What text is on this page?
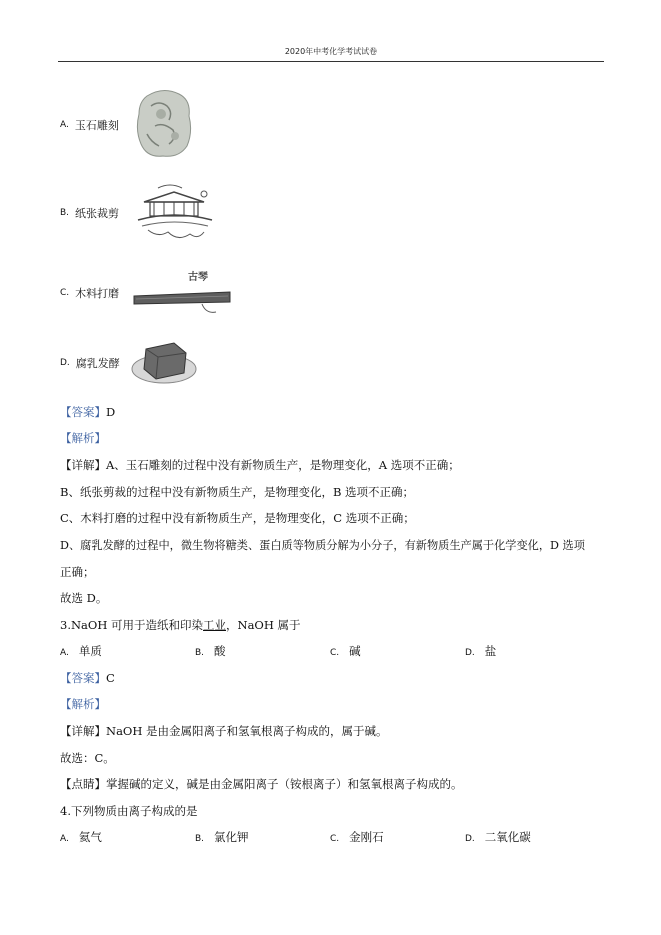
2020年中考化学考试试卷
A. 玉石雕刻
B. 纸张裁剪
C. 木料打磨
古琴
D. 腐乳发酵
【答案】D
【解析】
【详解】A、玉石雕刻的过程中没有新物质生产，是物理变化，A 选项不正确；
B、纸张剪裁的过程中没有新物质生产，是物理变化，B 选项不正确；
C、木料打磨的过程中没有新物质生产，是物理变化，C 选项不正确；
D、腐乳发酵的过程中，微生物将糖类、蛋白质等物质分解为小分子，有新物质生产属于化学变化，D 选项
正确；
故选 D。
3.NaOH 可用于造纸和印染工业，NaOH 属于
A. 单质	B. 酸	C. 碱	D. 盐
【答案】C
【解析】
【详解】NaOH 是由金属阳离子和氢氧根离子构成的，属于碱。
故选：C。
【点睛】掌握碱的定义，碱是由金属阳离子（铵根离子）和氢氧根离子构成的。
4.下列物质由离子构成的是
A. 氦气	B. 氯化钾	C. 金刚石	D. 二氧化碳
